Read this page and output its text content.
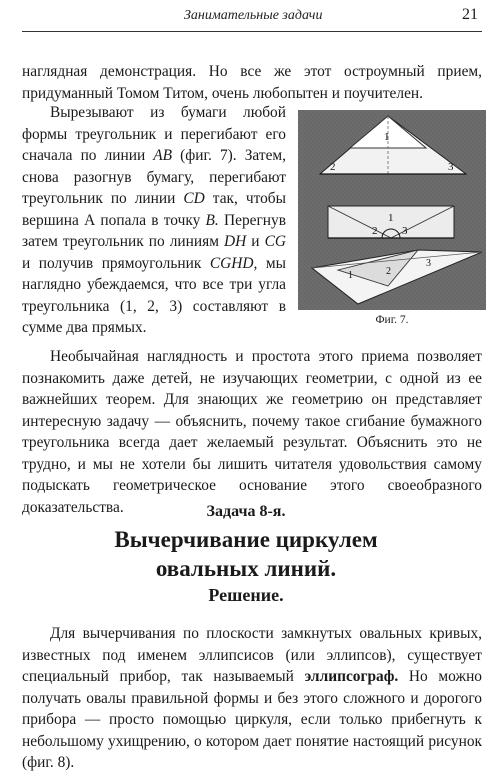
Занимательные задачи	21

наглядная демонстрация. Но все же этот остроумный прием, придуманный Томом Титом, очень любопытен и поучителен.

Вырезывают из бумаги любой формы треугольник и перегибают его сначала по линии AB (фиг. 7). Затем, снова разогнув бумагу, перегибают треугольник по линии CD так, чтобы вершина А попала в точку B. Перегнув затем треугольник по линиям DH и CG и получив прямоугольник CGHD, мы наглядно убеждаемся, что все три угла треугольника (1, 2, 3) составляют в сумме два прямых.

1
2	3
1
2 3
1	2
3
Фиг. 7.

Необычайная наглядность и простота этого приема позволяет познакомить даже детей, не изучающих геометрии, с одной из ее важнейших теорем. Для знающих же геометрию он представляет интересную задачу — объяснить, почему такое сгибание бумажного треугольника всегда дает желаемый результат. Объяснить это не трудно, и мы не хотели бы лишить читателя удовольствия самому подыскать геометрическое основание этого своеобразного доказательства.	Задача 8-я.
Вычерчивание циркулем
овальных линий.
Решение.

Для вычерчивания по плоскости замкнутых овальных кривых, известных под именем эллипсисов (или эллипсов), существует специальный прибор, так называемый эллипсограф. Но можно получать овалы правильной формы и без этого сложного и дорогого прибора — просто помощью циркуля, если только прибегнуть к небольшому ухищрению, о котором дает понятие настоящий рисунок (фиг. 8).
